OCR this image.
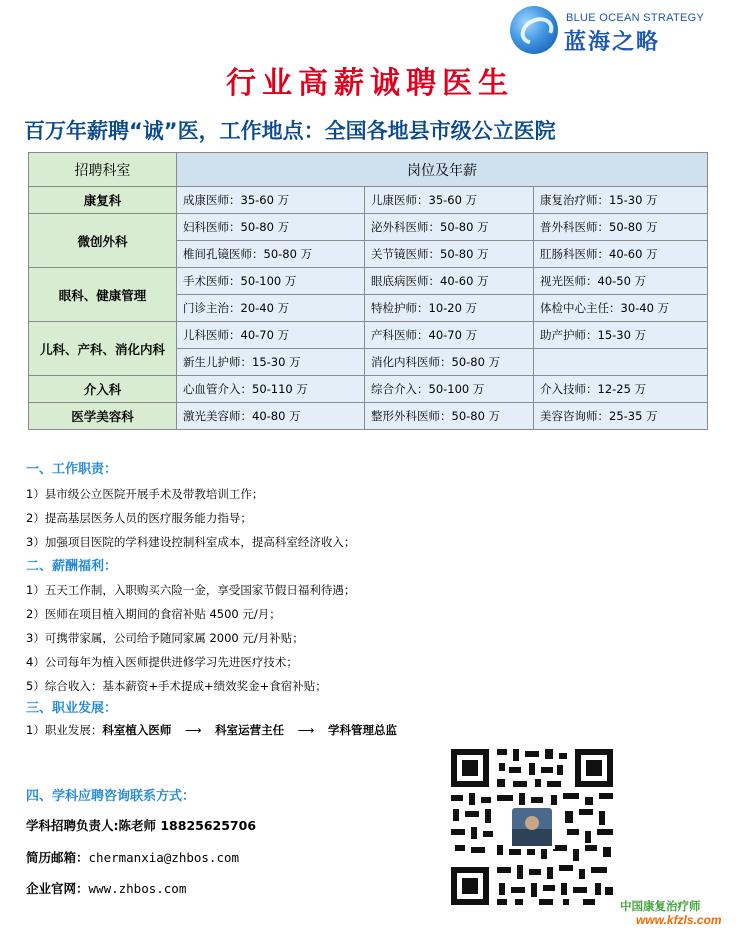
BLUE OCEAN STRATEGY
蓝海之略
行业高薪诚聘医生
百万年薪聘“诚”医，工作地点：全国各地县市级公立医院
招聘科室	岗位及年薪		
康复科	成康医师：35-60 万	儿康医师：35-60 万	康复治疗师：15-30 万
微创外科	妇科医师：50-80 万	泌外科医师：50-80 万	普外科医师：50-80 万
	椎间孔镜医师：50-80 万	关节镜医师：50-80 万	肛肠科医师：40-60 万
眼科、健康管理	手术医师：50-100 万	眼底病医师：40-60 万	视光医师：40-50 万
	门诊主治：20-40 万	特检护师：10-20 万	体检中心主任：30-40 万
儿科、产科、消化内科	儿科医师：40-70 万	产科医师：40-70 万	助产护师：15-30 万
	新生儿护师：15-30 万	消化内科医师：50-80 万	
介入科	心血管介入：50-110 万	综合介入：50-100 万	介入技师：12-25 万
医学美容科	激光美容师：40-80 万	整形外科医师：50-80 万	美容咨询师：25-35 万
一、工作职责：
1）县市级公立医院开展手术及带教培训工作；
2）提高基层医务人员的医疗服务能力指导；
3）加强项目医院的学科建设控制科室成本，提高科室经济收入；
二、薪酬福利：
1）五天工作制，入职购买六险一金，享受国家节假日福利待遇；
2）医师在项目植入期间的食宿补贴 4500 元/月；
3）可携带家属，公司给予随同家属 2000 元/月补贴；
4）公司每年为植入医师提供进修学习先进医疗技术；
5）综合收入：基本薪资+手术提成+绩效奖金+食宿补贴；
三、职业发展：
1）职业发展：科室植入医师 ⟶ 科室运营主任 ⟶ 学科管理总监
四、学科应聘咨询联系方式：
学科招聘负责人:陈老师 18825625706
简历邮箱：chermanxia@zhbos.com
企业官网：www.zhbos.com
中国康复治疗师
www.kfzls.com
